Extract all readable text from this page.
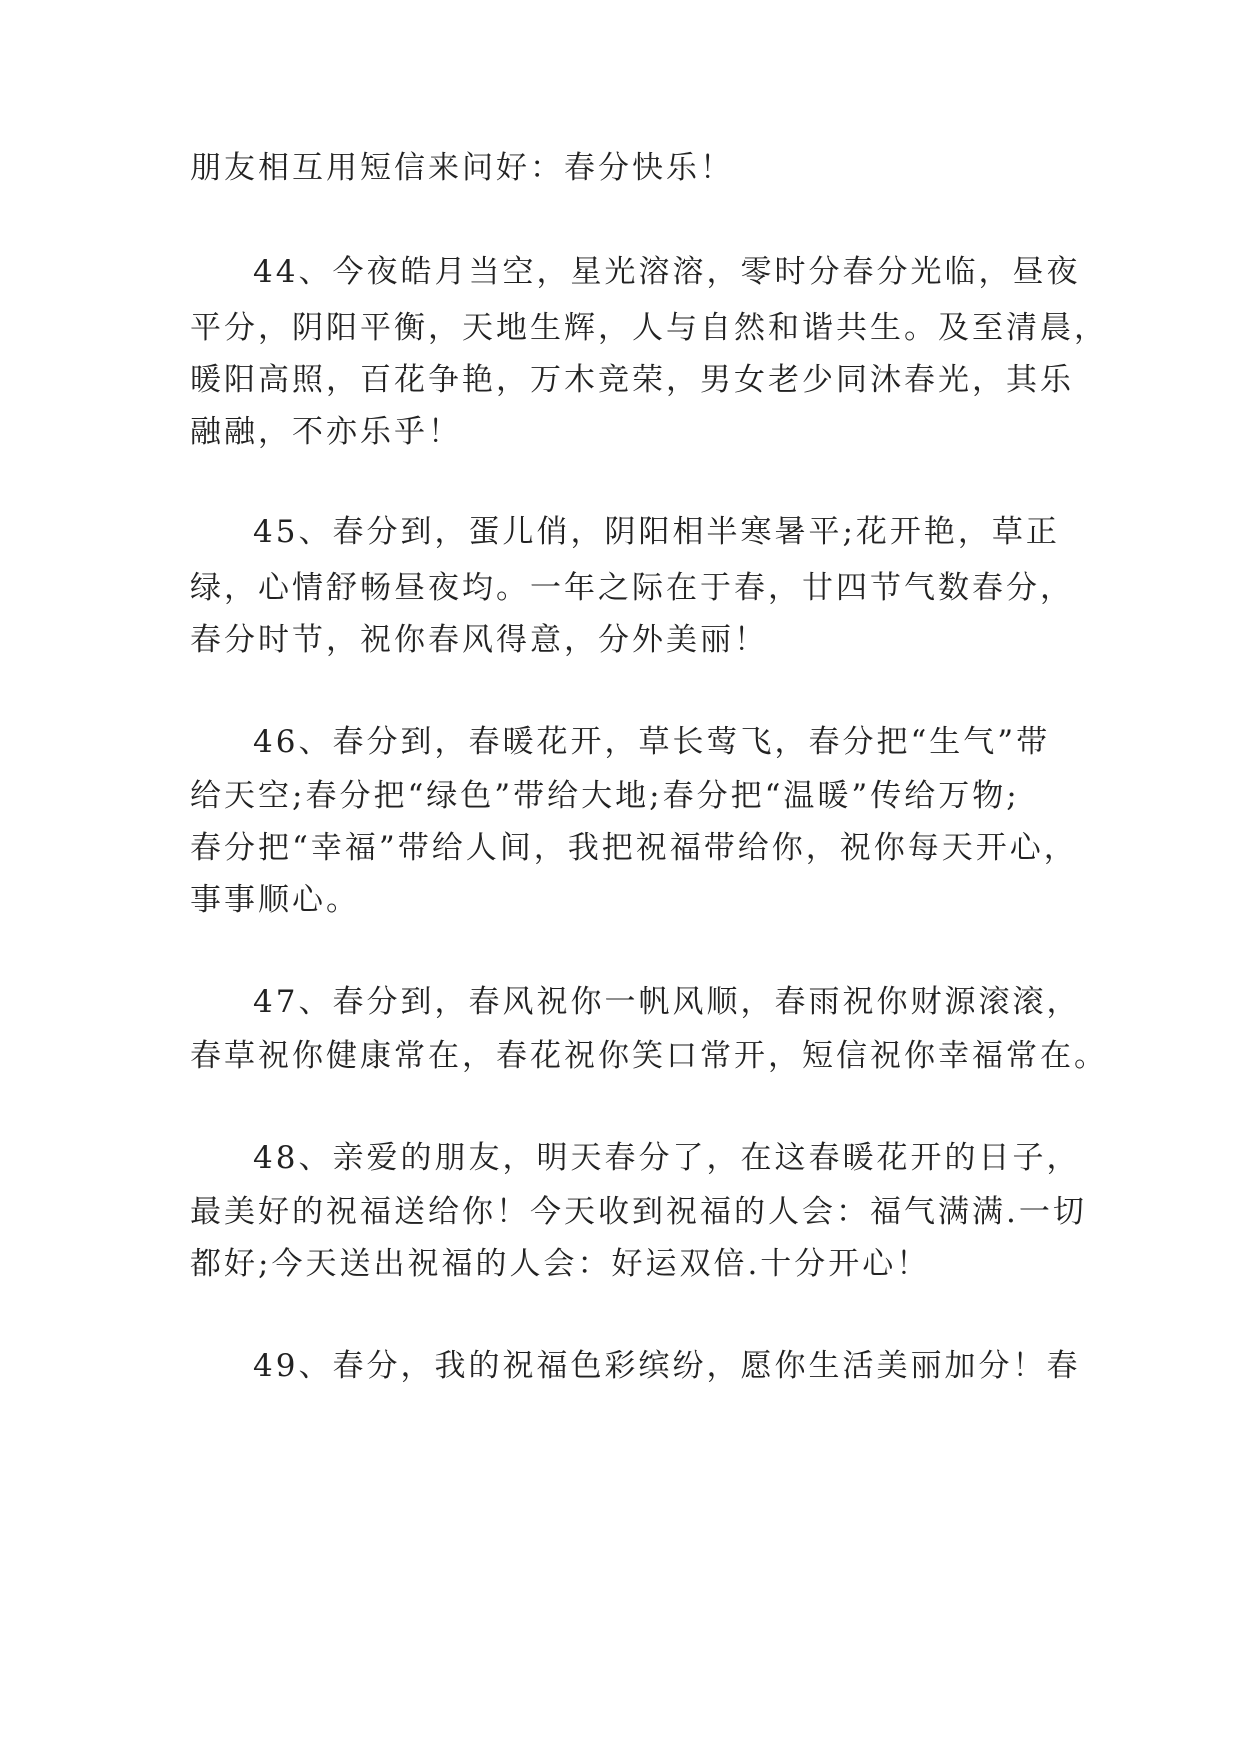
朋友相互用短信来问好：春分快乐！
44、今夜皓月当空，星光溶溶，零时分春分光临，昼夜
平分，阴阳平衡，天地生辉，人与自然和谐共生。及至清晨，
暖阳高照，百花争艳，万木竞荣，男女老少同沐春光，其乐
融融，不亦乐乎！
45、春分到，蛋儿俏，阴阳相半寒暑平;花开艳，草正
绿，心情舒畅昼夜均。一年之际在于春，廿四节气数春分，
春分时节，祝你春风得意，分外美丽！
46、春分到，春暖花开，草长莺飞，春分把“生气”带
给天空;春分把“绿色”带给大地;春分把“温暖”传给万物;
春分把“幸福”带给人间，我把祝福带给你，祝你每天开心，
事事顺心。
47、春分到，春风祝你一帆风顺，春雨祝你财源滚滚，
春草祝你健康常在，春花祝你笑口常开，短信祝你幸福常在。
48、亲爱的朋友，明天春分了，在这春暖花开的日子，
最美好的祝福送给你！今天收到祝福的人会：福气满满.一切
都好;今天送出祝福的人会：好运双倍.十分开心！
49、春分，我的祝福色彩缤纷，愿你生活美丽加分！春
